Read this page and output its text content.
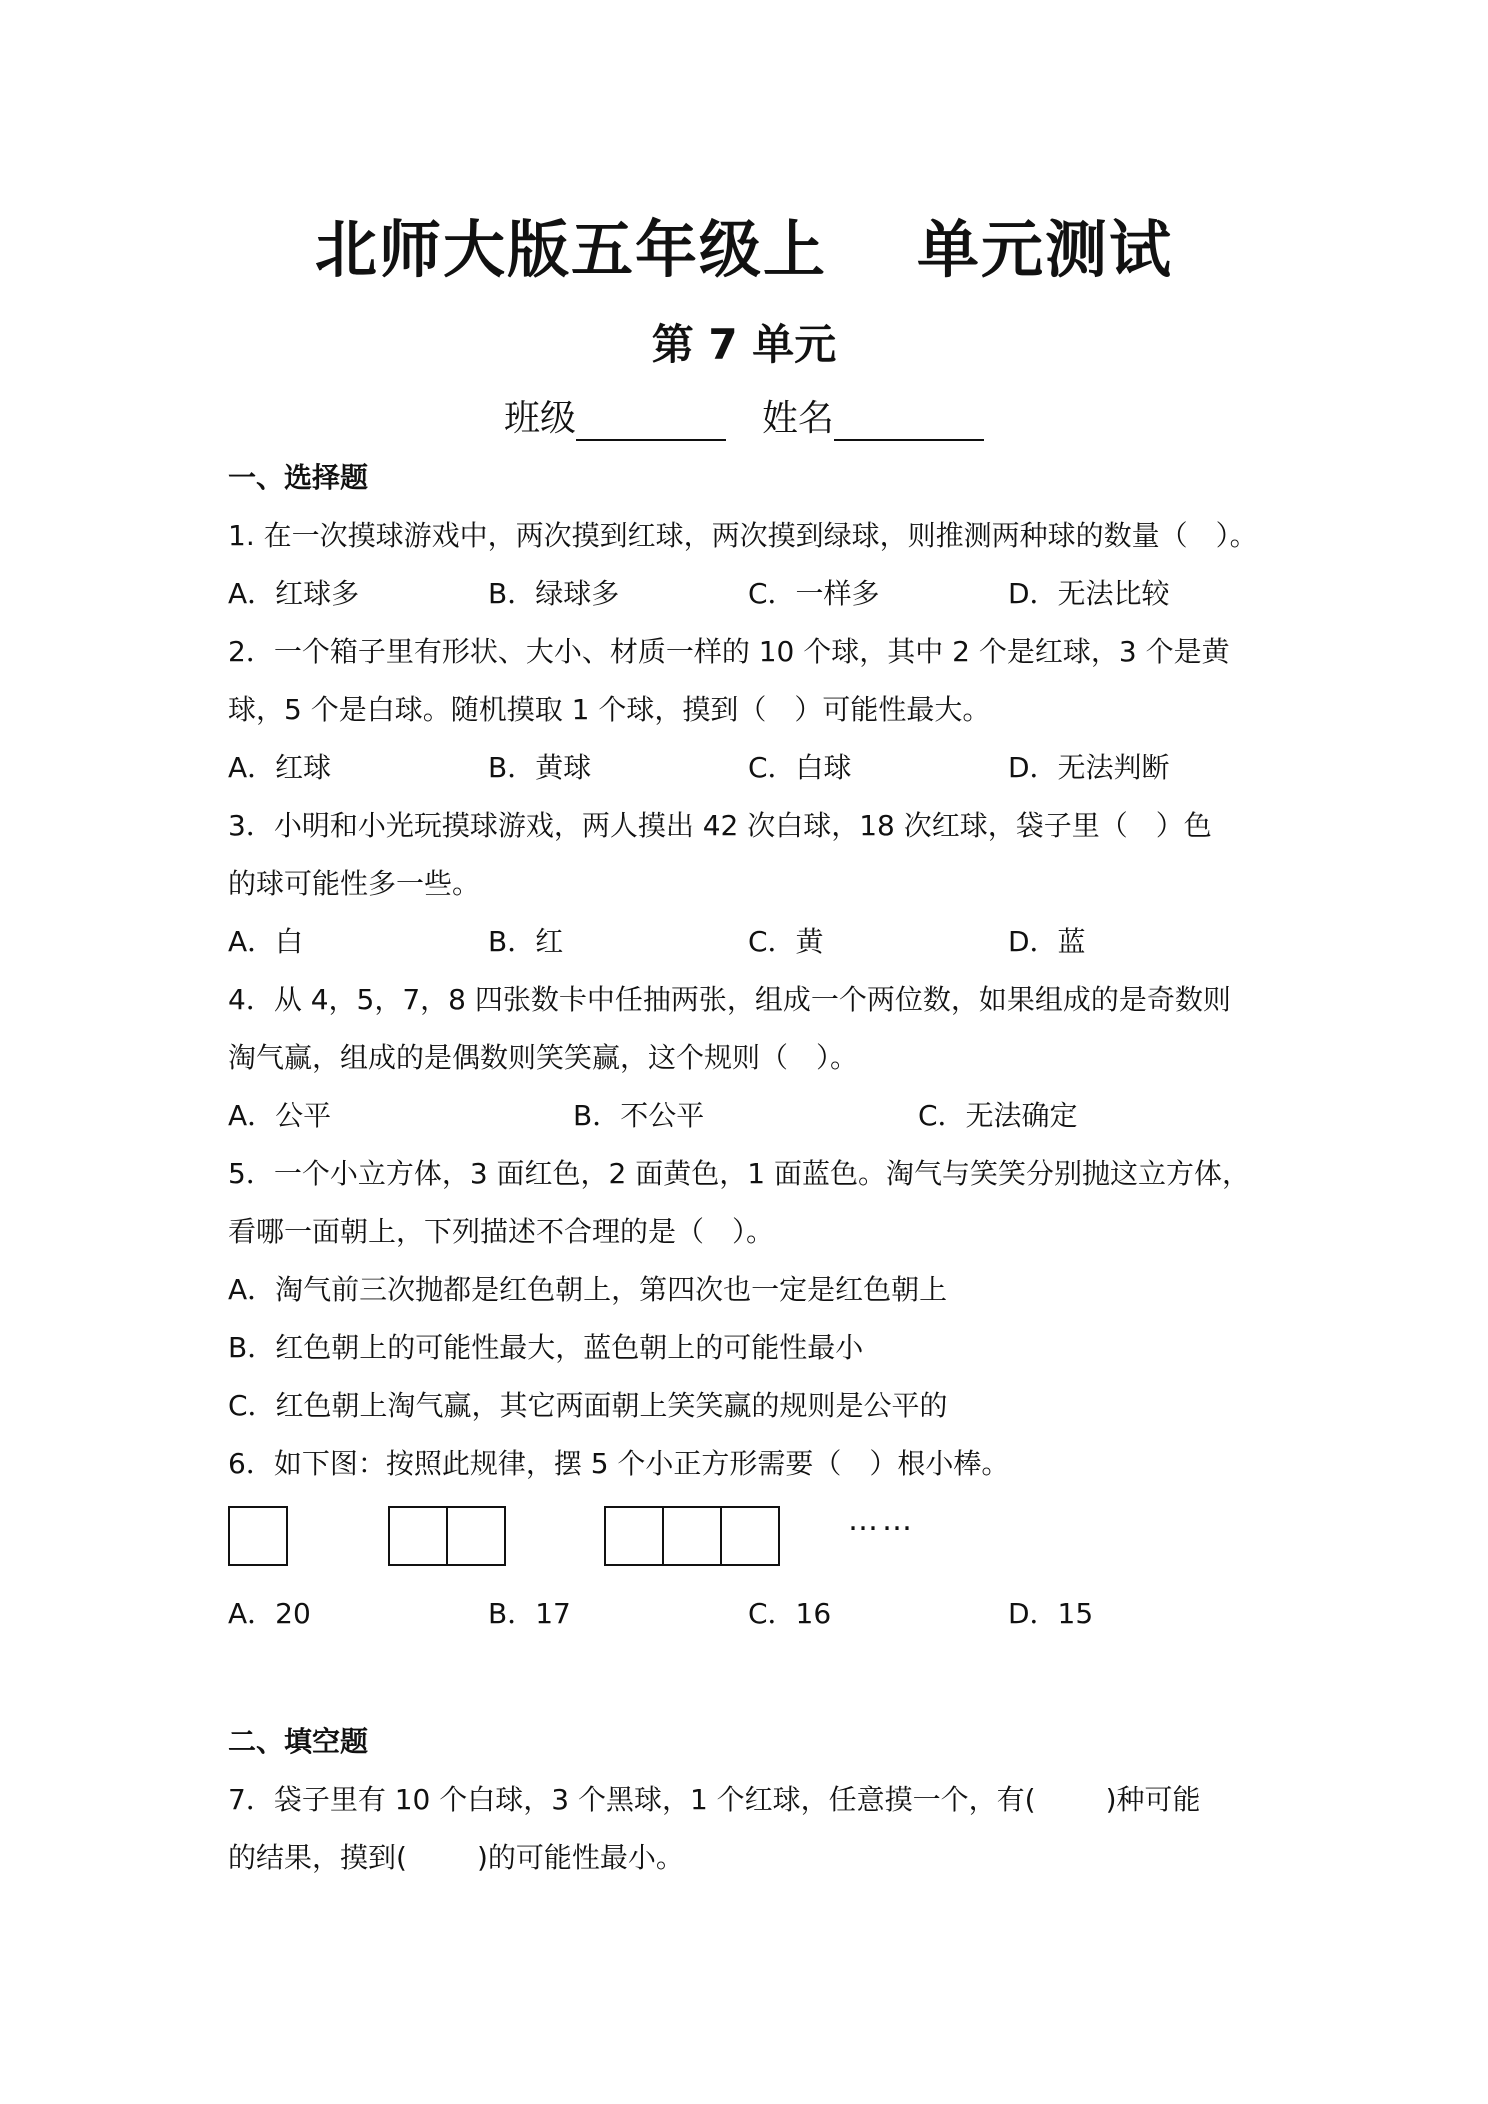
北师大版五年级上 单元测试
第 7 单元
班级	姓名
一、选择题
1. 在一次摸球游戏中，两次摸到红球，两次摸到绿球，则推测两种球的数量（　）。
A．红球多	B．绿球多	C．一样多	D．无法比较
2．一个箱子里有形状、大小、材质一样的 10 个球，其中 2 个是红球，3 个是黄
球，5 个是白球。随机摸取 1 个球，摸到（　）可能性最大。
A．红球	B．黄球	C．白球	D．无法判断
3．小明和小光玩摸球游戏，两人摸出 42 次白球，18 次红球，袋子里（　）色
的球可能性多一些。
A．白	B．红	C．黄	D．蓝
4．从 4，5，7，8 四张数卡中任抽两张，组成一个两位数，如果组成的是奇数则
淘气赢，组成的是偶数则笑笑赢，这个规则（　）。
A．公平	B．不公平	C．无法确定
5．一个小立方体，3 面红色，2 面黄色，1 面蓝色。淘气与笑笑分别抛这立方体，
看哪一面朝上，下列描述不合理的是（　）。
A．淘气前三次抛都是红色朝上，第四次也一定是红色朝上
B．红色朝上的可能性最大，蓝色朝上的可能性最小
C．红色朝上淘气赢，其它两面朝上笑笑赢的规则是公平的
6．如下图：按照此规律，摆 5 个小正方形需要（　）根小棒。
……
A．20	B．17	C．16	D．15
二、填空题
7．袋子里有 10 个白球，3 个黑球，1 个红球，任意摸一个，有(	)种可能
的结果，摸到(	)的可能性最小。
